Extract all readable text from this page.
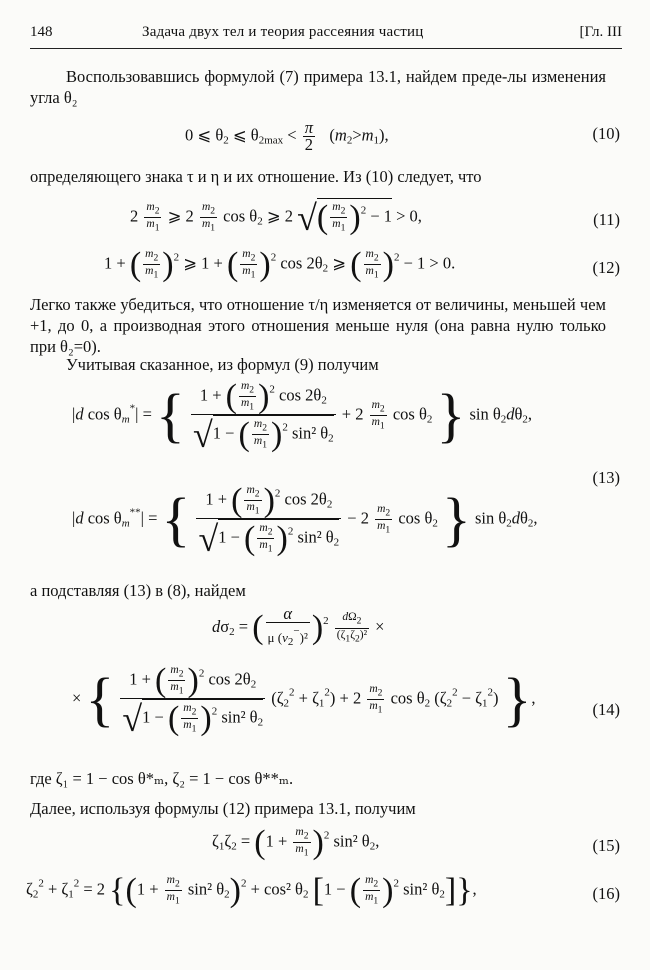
148	Задача двух тел и теория рассеяния частиц	[Гл. III
Воспользовавшись формулой (7) примера 13.1, найдем преде-лы изменения угла θ₂
0 ⩽ $\theta_2$ ⩽ $\theta_{2max} < \frac{\pi}{2} (m_2>m_1)$,	(10)
определяющего знака τ и η и их отношение. Из (10) следует, что
$2 \frac{m_2}{m_1}$ ⩾ $2 \frac{m_2}{m_1}$ $\cos \theta_2$ ⩾ 2 √( $\frac{m_2}{m_1} )^2 - 1 > 0$,	(11)
1 + ( $\frac{m_2}{m_1} )^2$ ⩾ 1 + ( $\frac{m_2}{m_1} )^2$ $\cos 2\theta_2$ ⩾ ( $\frac{m_2}{m_1} )^2 - 1 > 0$.	(12)
Легко также убедиться, что отношение τ/η изменяется от величины, меньшей чем +1, до 0, а производная этого отношения меньше нуля (она равна нулю только при θ₂=0).
Учитывая сказанное, из формул (9) получим
|d $\cos \theta_m^*|$ = { $\frac{1 + ( \frac{m_2}{m_1} )^2 \cos 2\theta_2}{√1 - ( \frac{m_2}{m_1} )^2 \sin^2 \theta_2} + 2 \frac{m_2}{m_1}$ $\cos \theta_2$ } $\sin \theta_2d\theta_2$,
(13)
|d $\cos \theta_m^{**}|$ = { $\frac{1 + ( \frac{m_2}{m_1} )^2 \cos 2\theta_2}{√1 - ( \frac{m_2}{m_1} )^2 \sin^2 \theta_2} - 2 \frac{m_2}{m_1}$ $\cos \theta_2$ } $\sin \theta_2d\theta_2$,
а подставляя (13) в (8), найдем
$d\sigma_2$ = ( $\frac{\alpha}{\mu (v_2^-)^2} )^2 \frac{d\Omega_2}{(\zeta_1\zeta_2)^2}$ ×
× { $\frac{1 + ( \frac{m_2}{m_1} )^2 \cos 2\theta_2}{√1 - ( \frac{m_2}{m_1} )^2 \sin^2 \theta_2} (\zeta_2^2 + \zeta_1^2) + 2 \frac{m_2}{m_1}$ $\cos \theta_2$ $(\zeta_2^2 - \zeta_1^2)$ },
(14)
где ζ₁ = 1 − cos θ*ₘ, ζ₂ = 1 − cos θ**ₘ.
Далее, используя формулы (12) примера 13.1, получим
$\zeta_1\zeta_2 = (1 + \frac{m_2}{m_1} )^2$ sin² $\theta_2$,	(15)
$\zeta_2^2 + \zeta_1^2 = 2$ {($1 + \frac{m_2}{m_1} \sin^2$ $\theta_2)^2 + \cos^2$ $\theta_2$ [1 − ( $\frac{m_2}{m_1} )^2$ sin² $\theta_2$]},	(16)
